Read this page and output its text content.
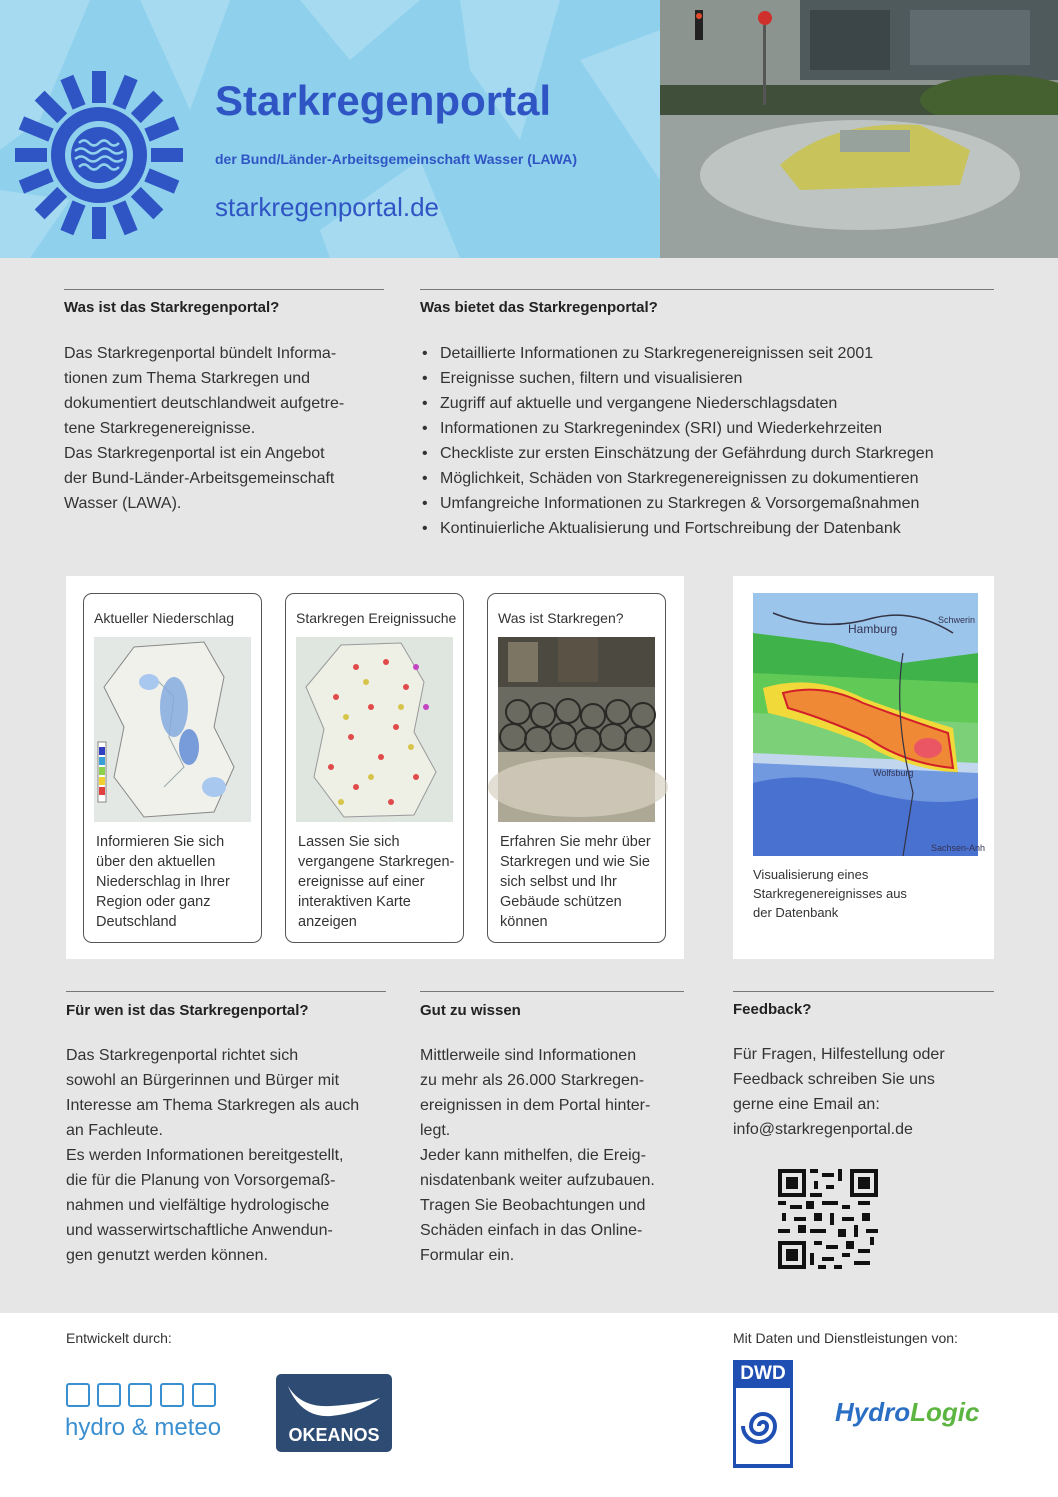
Starkregenportal
der Bund/Länder-Arbeitsgemeinschaft Wasser (LAWA)
starkregenportal.de
Was ist das Starkregenportal?
Das Starkregenportal bündelt Informa-
tionen zum Thema Starkregen und
dokumentiert deutschlandweit aufgetre-
tene Starkregenereignisse.
Das Starkregenportal ist ein Angebot
der Bund-Länder-Arbeitsgemeinschaft
Wasser (LAWA).
Was bietet das Starkregenportal?
• Detaillierte Informationen zu Starkregenereignissen seit 2001
• Ereignisse suchen, filtern und visualisieren
• Zugriff auf aktuelle und vergangene Niederschlagsdaten
• Informationen zu Starkregenindex (SRI) und Wiederkehrzeiten
• Checkliste zur ersten Einschätzung der Gefährdung durch Starkregen
• Möglichkeit, Schäden von Starkregenereignissen zu dokumentieren
• Umfangreiche Informationen zu Starkregen & Vorsorgemaßnahmen
• Kontinuierliche Aktualisierung und Fortschreibung der Datenbank
Aktueller Niederschlag
Informieren Sie sich
über den aktuellen
Niederschlag in Ihrer
Region oder ganz
Deutschland
Starkregen Ereignissuche
Lassen Sie sich
vergangene Starkregen-
ereignisse auf einer
interaktiven Karte
anzeigen
Was ist Starkregen?
Erfahren Sie mehr über
Starkregen und wie Sie
sich selbst und Ihr
Gebäude schützen
können
Hamburg
Schwerin
Wolfsburg
Sachsen-Anh
Visualisierung eines
Starkregenereignisses aus
der Datenbank
Für wen ist das Starkregenportal?
Das Starkregenportal richtet sich
sowohl an Bürgerinnen und Bürger mit
Interesse am Thema Starkregen als auch
an Fachleute.
Es werden Informationen bereitgestellt,
die für die Planung von Vorsorgemaß-
nahmen und vielfältige hydrologische
und wasserwirtschaftliche Anwendun-
gen genutzt werden können.
Gut zu wissen
Mittlerweile sind Informationen
zu mehr als 26.000 Starkregen-
ereignissen in dem Portal hinter-
legt.
Jeder kann mithelfen, die Ereig-
nisdatenbank weiter aufzubauen.
Tragen Sie Beobachtungen und
Schäden einfach in das Online-
Formular ein.
Feedback?
Für Fragen, Hilfestellung oder
Feedback schreiben Sie uns
gerne eine Email an:
info@starkregenportal.de
Entwickelt durch:	Mit Daten und Dienstleistungen von:
hydro & meteo	OKEANOS
DWD
HydroLogic
